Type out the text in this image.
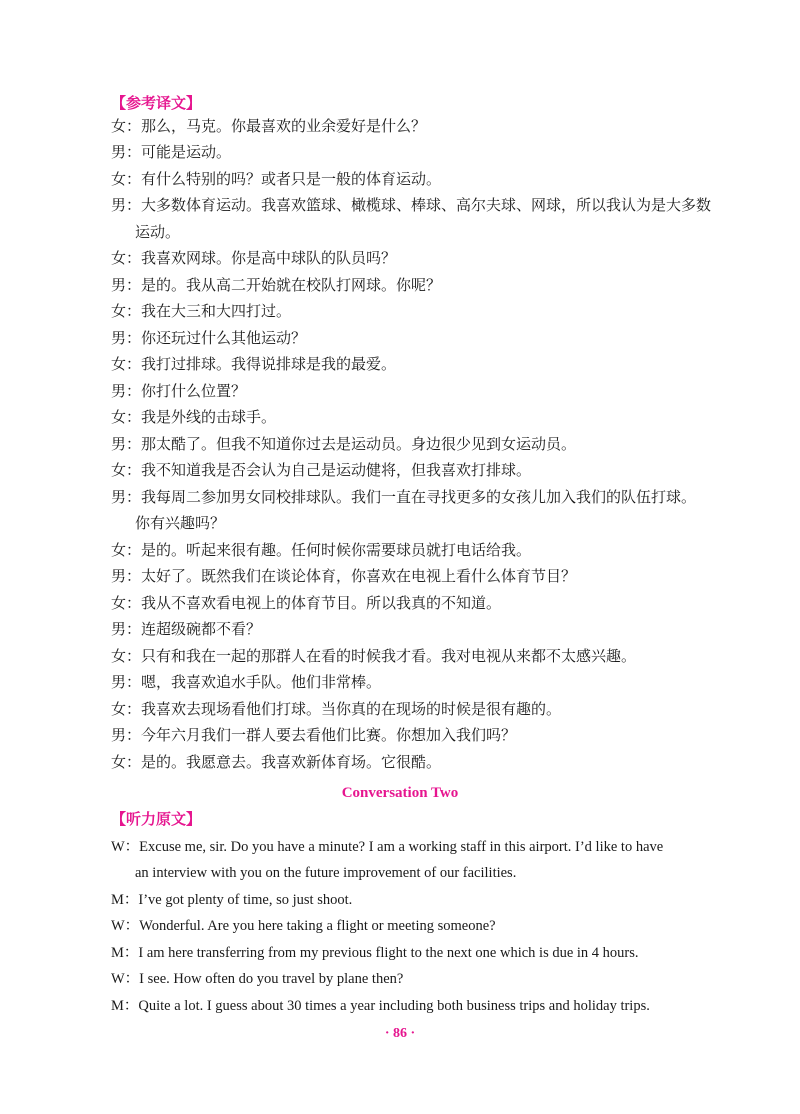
【参考译文】
女：那么，马克。你最喜欢的业余爱好是什么？
男：可能是运动。
女：有什么特别的吗？或者只是一般的体育运动。
男：大多数体育运动。我喜欢篮球、橄榄球、棒球、高尔夫球、网球，所以我认为是大多数
运动。
女：我喜欢网球。你是高中球队的队员吗？
男：是的。我从高二开始就在校队打网球。你呢？
女：我在大三和大四打过。
男：你还玩过什么其他运动？
女：我打过排球。我得说排球是我的最爱。
男：你打什么位置？
女：我是外线的击球手。
男：那太酷了。但我不知道你过去是运动员。身边很少见到女运动员。
女：我不知道我是否会认为自己是运动健将，但我喜欢打排球。
男：我每周二参加男女同校排球队。我们一直在寻找更多的女孩儿加入我们的队伍打球。
你有兴趣吗？
女：是的。听起来很有趣。任何时候你需要球员就打电话给我。
男：太好了。既然我们在谈论体育，你喜欢在电视上看什么体育节目？
女：我从不喜欢看电视上的体育节目。所以我真的不知道。
男：连超级碗都不看？
女：只有和我在一起的那群人在看的时候我才看。我对电视从来都不太感兴趣。
男：嗯，我喜欢追水手队。他们非常棒。
女：我喜欢去现场看他们打球。当你真的在现场的时候是很有趣的。
男：今年六月我们一群人要去看他们比赛。你想加入我们吗？
女：是的。我愿意去。我喜欢新体育场。它很酷。
Conversation Two
【听力原文】
W：Excuse me, sir. Do you have a minute? I am a working staff in this airport. I’d like to have
an interview with you on the future improvement of our facilities.
M：I’ve got plenty of time, so just shoot.
W：Wonderful. Are you here taking a flight or meeting someone?
M：I am here transferring from my previous flight to the next one which is due in 4 hours.
W：I see. How often do you travel by plane then?
M：Quite a lot. I guess about 30 times a year including both business trips and holiday trips.
· 86 ·
